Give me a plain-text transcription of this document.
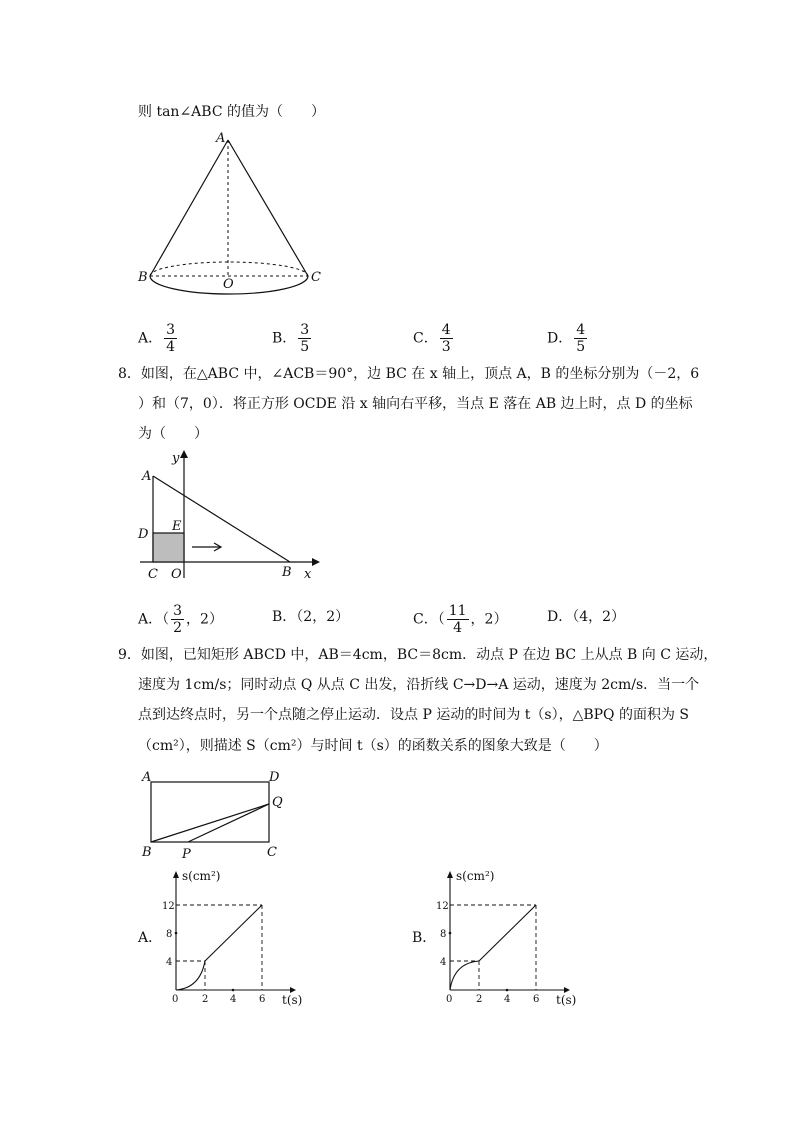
则 tan∠ABC 的值为（　　）
A
B	C
O
A． $\frac{3}{4}$	B． $\frac{3}{5}$	C． $\frac{4}{3}$	D． $\frac{4}{5}$
8．如图，在△ABC 中，∠ACB＝90°，边 BC 在 x 轴上，顶点 A，B 的坐标分别为（－2，6
）和（7，0）．将正方形 OCDE 沿 x 轴向右平移，当点 E 落在 AB 边上时，点 D 的坐标
为（　　）
A
y
D
E
C O	B x
A．（ $\frac{3}{2}$ ，2）	B．（2，2）	C．（ $\frac{11}{4}$ ，2）	D．（4，2）
9．如图，已知矩形 ABCD 中，AB＝4cm，BC＝8cm．动点 P 在边 BC 上从点 B 向 C 运动，
速度为 1cm/s；同时动点 Q 从点 C 出发，沿折线 C→D→A 运动，速度为 2cm/s．当一个
点到达终点时，另一个点随之停止运动．设点 P 运动的时间为 t（s），△BPQ 的面积为 S
（cm²），则描述 S（cm²）与时间 t（s）的函数关系的图象大致是（　　）
A	D
Q
B P	C
A．
s(cm²)
t(s)
12
8
4
0 2 4 6
B．
s(cm²)
t(s)
12
8
4
0 2 4 6
